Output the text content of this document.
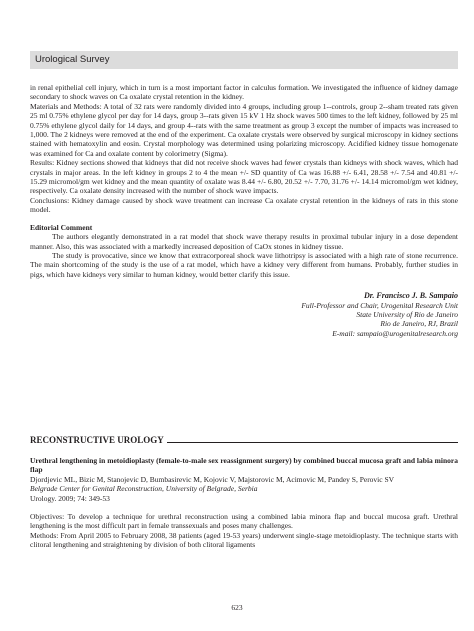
Urological Survey

in renal epithelial cell injury, which in turn is a most important factor in calculus formation. We investigated the influence of kidney damage secondary to shock waves on Ca oxalate crystal retention in the kidney.

Materials and Methods: A total of 32 rats were randomly divided into 4 groups, including group 1--controls, group 2--sham treated rats given 25 ml 0.75% ethylene glycol per day for 14 days, group 3--rats given 15 kV 1 Hz shock waves 500 times to the left kidney, followed by 25 ml 0.75% ethylene glycol daily for 14 days, and group 4--rats with the same treatment as group 3 except the number of impacts was increased to 1,000. The 2 kidneys were removed at the end of the experiment. Ca oxalate crystals were observed by surgical microscopy in kidney sections stained with hematoxylin and eosin. Crystal morphology was determined using polarizing microscopy. Acidified kidney tissue homogenate was examined for Ca and oxalate content by colorimetry (Sigma).

Results: Kidney sections showed that kidneys that did not receive shock waves had fewer crystals than kidneys with shock waves, which had crystals in major areas. In the left kidney in groups 2 to 4 the mean +/- SD quantity of Ca was 16.88 +/- 6.41, 28.58 +/- 7.54 and 40.81 +/- 15.29 micromol/gm wet kidney and the mean quantity of oxalate was 8.44 +/- 6.80, 20.52 +/- 7.70, 31.76 +/- 14.14 micromol/gm wet kidney, respectively. Ca oxalate density increased with the number of shock wave impacts.

Conclusions: Kidney damage caused by shock wave treatment can increase Ca oxalate crystal retention in the kidneys of rats in this stone model.

Editorial Comment

The authors elegantly demonstrated in a rat model that shock wave therapy results in proximal tubular injury in a dose dependent manner. Also, this was associated with a markedly increased deposition of CaOx stones in kidney tissue.

The study is provocative, since we know that extracorporeal shock wave lithotripsy is associated with a high rate of stone recurrence. The main shortcoming of the study is the use of a rat model, which have a kidney very different from humans. Probably, further studies in pigs, which have kidneys very similar to human kidney, would better clarify this issue.

Dr. Francisco J. B. Sampaio

Full-Professor and Chair, Urogenital Research Unit

State University of Rio de Janeiro

Rio de Janeiro, RJ, Brazil

E-mail: sampaio@urogenitalresearch.org

RECONSTRUCTIVE UROLOGY

Urethral lengthening in metoidioplasty (female-to-male sex reassignment surgery) by combined buccal mucosa graft and labia minora flap

Djordjevic ML, Bizic M, Stanojevic D, Bumbasirevic M, Kojovic V, Majstorovic M, Acimovic M, Pandey S, Perovic SV

Belgrade Center for Genital Reconstruction, University of Belgrade, Serbia

Urology. 2009; 74: 349-53

Objectives: To develop a technique for urethral reconstruction using a combined labia minora flap and buccal mucosa graft. Urethral lengthening is the most difficult part in female transsexuals and poses many challenges.

Methods: From April 2005 to February 2008, 38 patients (aged 19-53 years) underwent single-stage metoidioplasty. The technique starts with clitoral lengthening and straightening by division of both clitoral ligaments

623
